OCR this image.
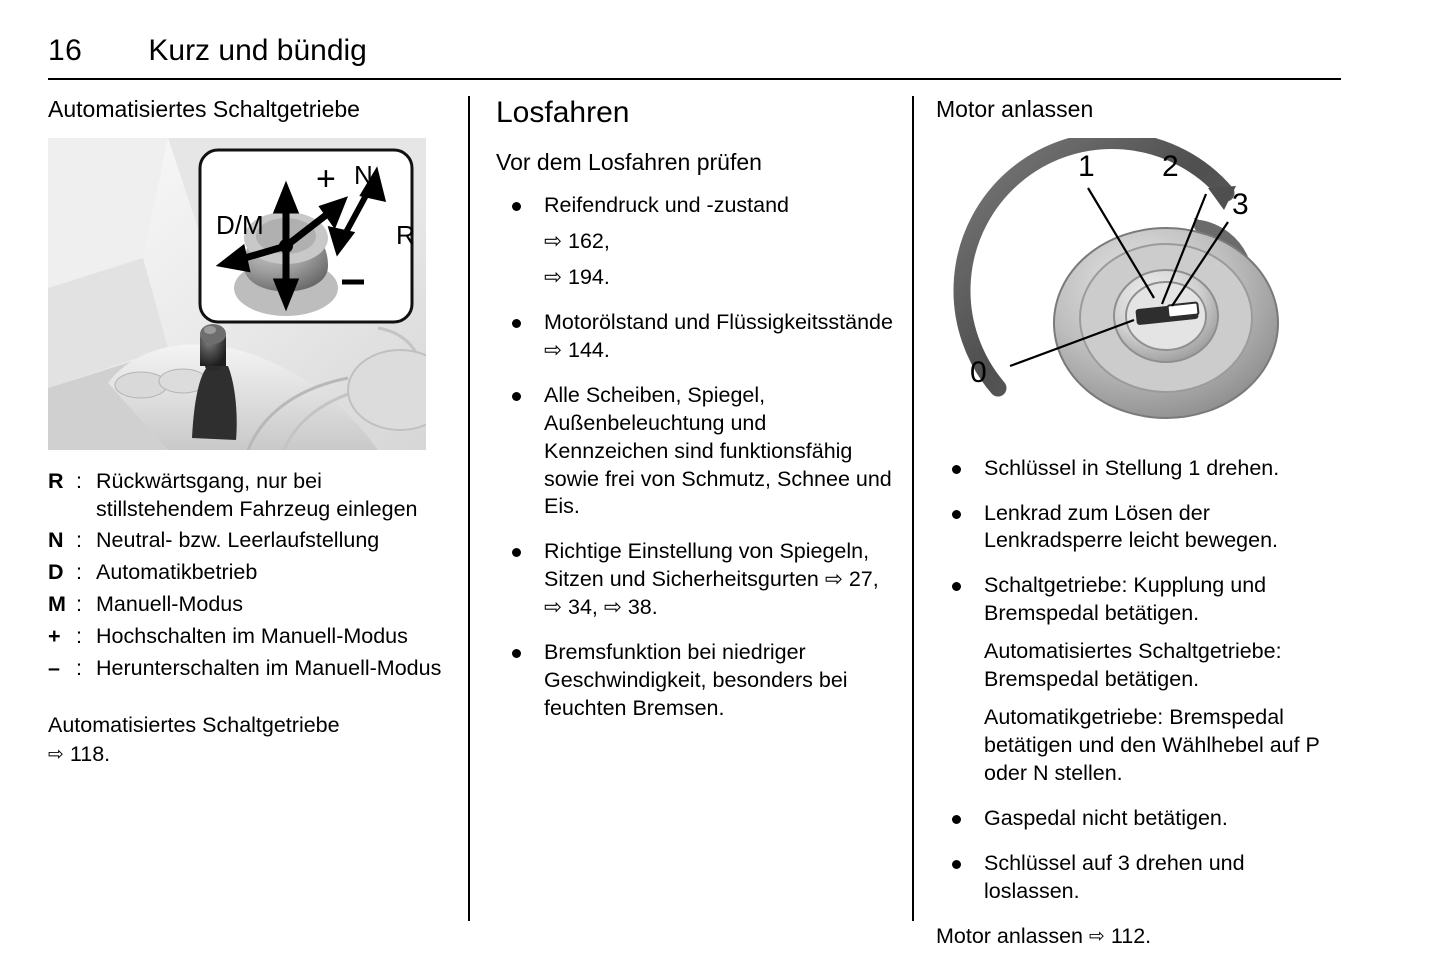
16 Kurz und bündig
Automatisiertes Schaltgetriebe
N
R
D/M
+
R : Rückwärtsgang, nur bei stillstehendem Fahrzeug einlegen
N : Neutral- bzw. Leerlaufstellung
D : Automatikbetrieb
M : Manuell-Modus
+ : Hochschalten im Manuell-Modus
– : Herunterschalten im Manuell-Modus
Automatisiertes Schaltgetriebe
⇨ 118.
Losfahren
Vor dem Losfahren prüfen
Reifendruck und -zustand
⇨ 162,
⇨ 194.
Motorölstand und Flüssigkeitsstände ⇨ 144.
Alle Scheiben, Spiegel, Außenbeleuchtung und Kennzeichen sind funktionsfähig sowie frei von Schmutz, Schnee und Eis.
Richtige Einstellung von Spiegeln, Sitzen und Sicherheitsgurten ⇨ 27, ⇨ 34, ⇨ 38.
Bremsfunktion bei niedriger Geschwindigkeit, besonders bei feuchten Bremsen.
Motor anlassen
1 2
3
0
Schlüssel in Stellung 1 drehen.
Lenkrad zum Lösen der Lenkradsperre leicht bewegen.
Schaltgetriebe: Kupplung und Bremspedal betätigen.
Automatisiertes Schaltgetriebe: Bremspedal betätigen.
Automatikgetriebe: Bremspedal betätigen und den Wählhebel auf P oder N stellen.
Gaspedal nicht betätigen.
Schlüssel auf 3 drehen und loslassen.
Motor anlassen ⇨ 112.
